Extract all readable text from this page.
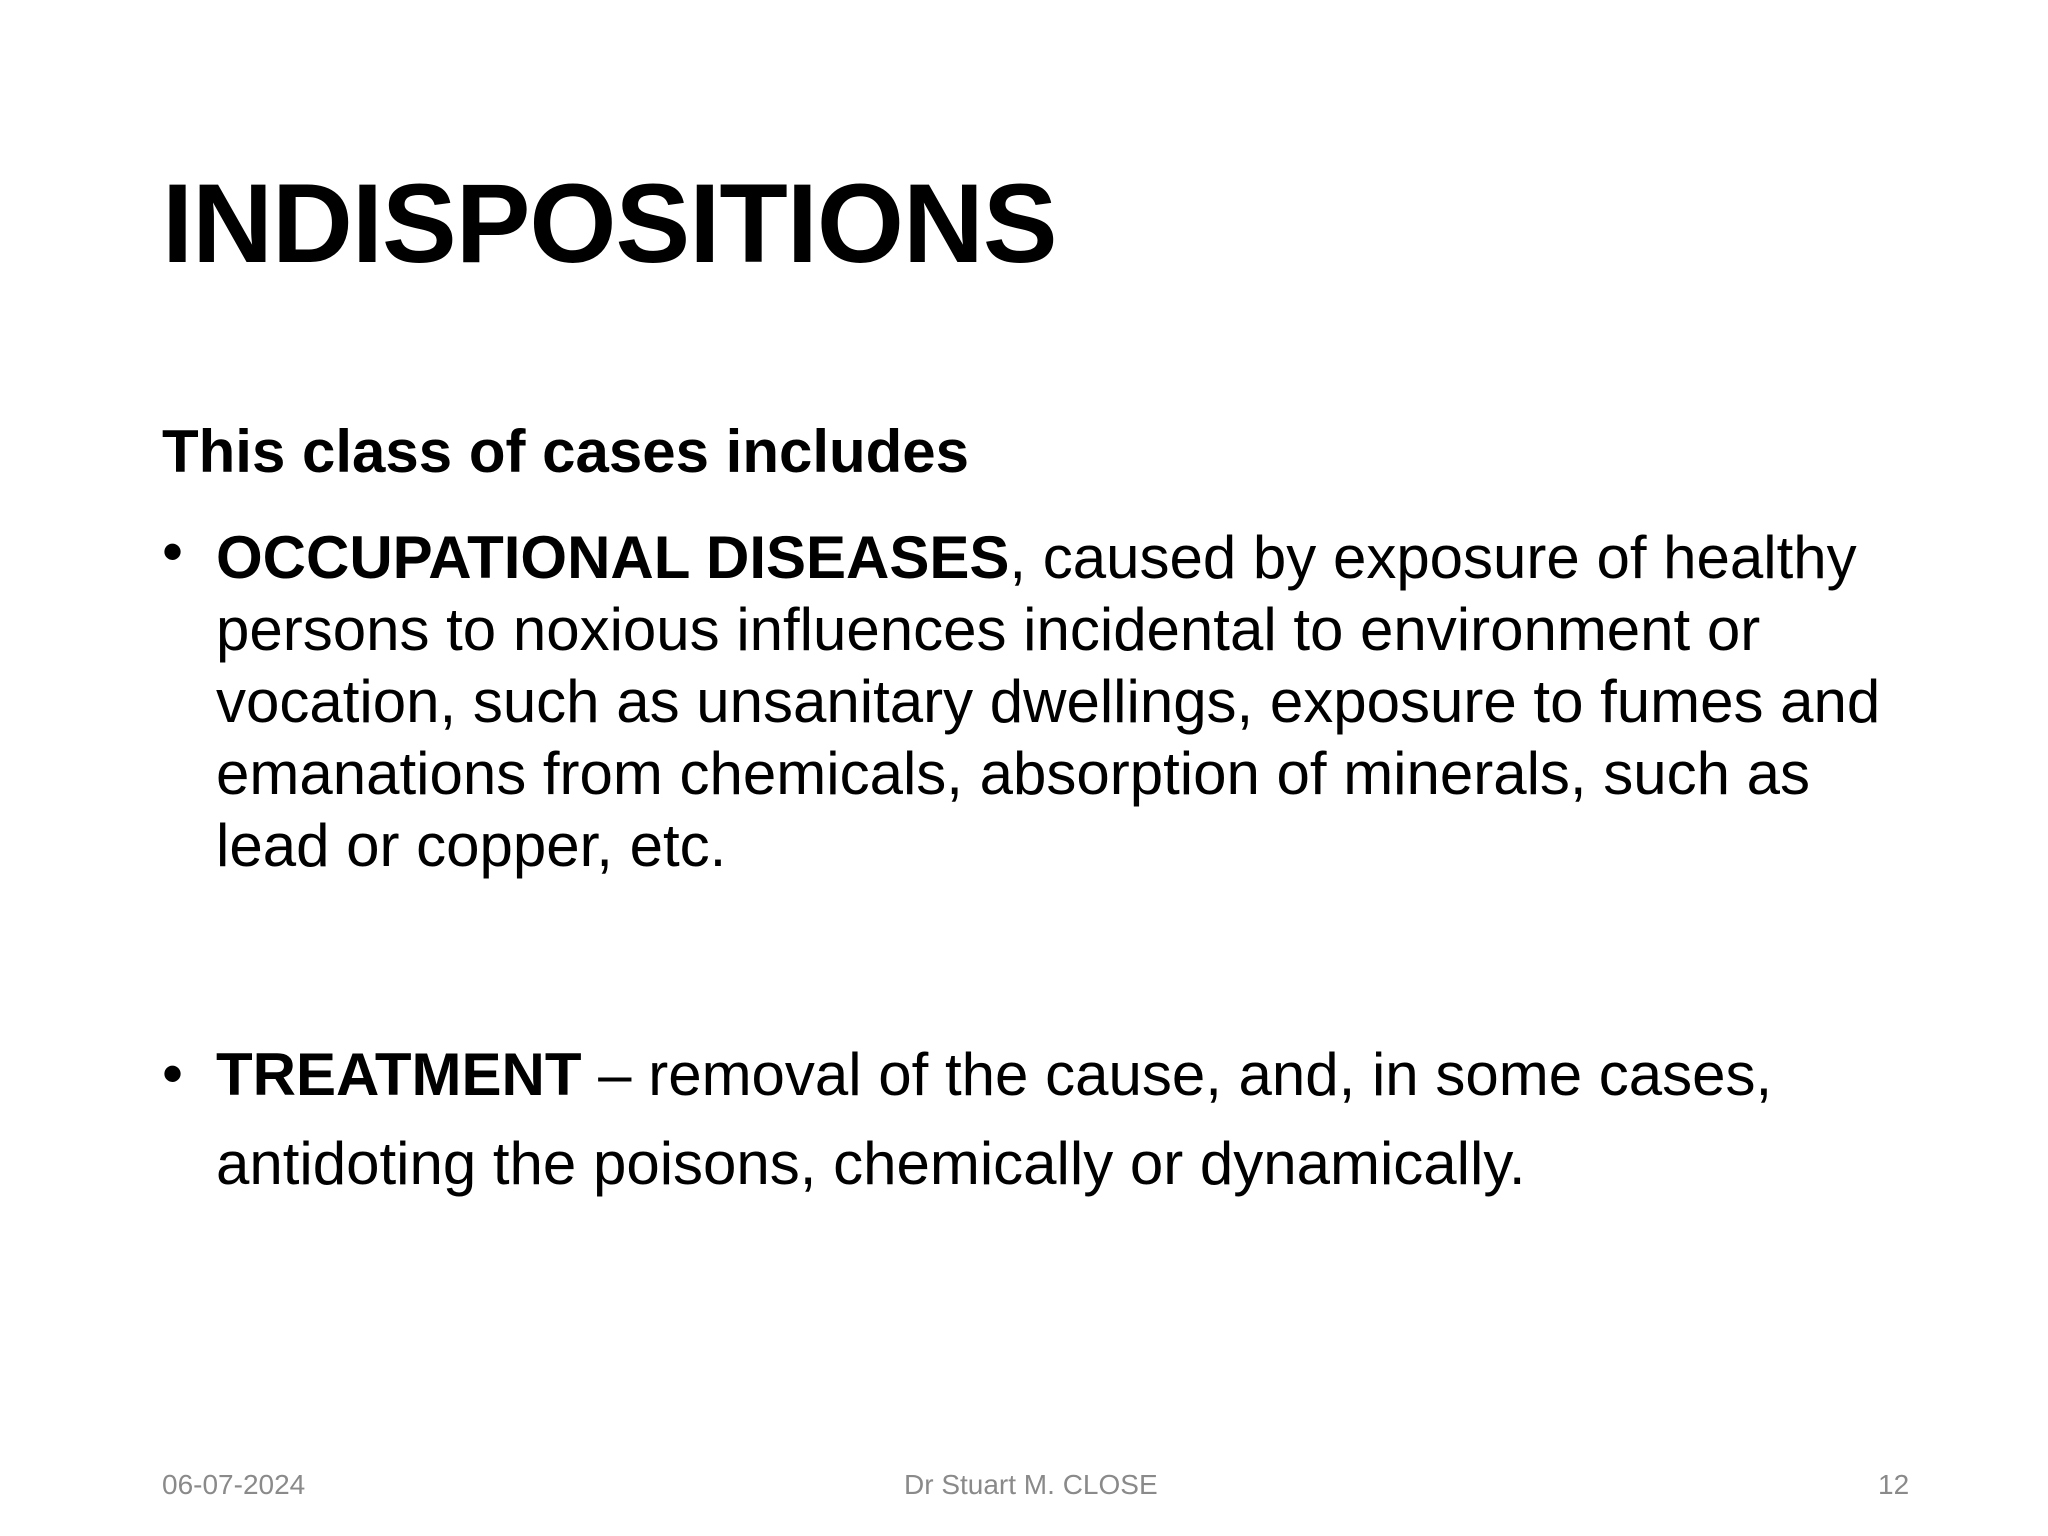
INDISPOSITIONS
This class of cases includes
• OCCUPATIONAL DISEASES, caused by exposure of healthy persons to noxious influences incidental to environment or vocation, such as unsanitary dwellings, exposure to fumes and emanations from chemicals, absorption of minerals, such as lead or copper, etc.
• TREATMENT – removal of the cause, and, in some cases, antidoting the poisons, chemically or dynamically.
06-07-2024	Dr Stuart M. CLOSE	12
